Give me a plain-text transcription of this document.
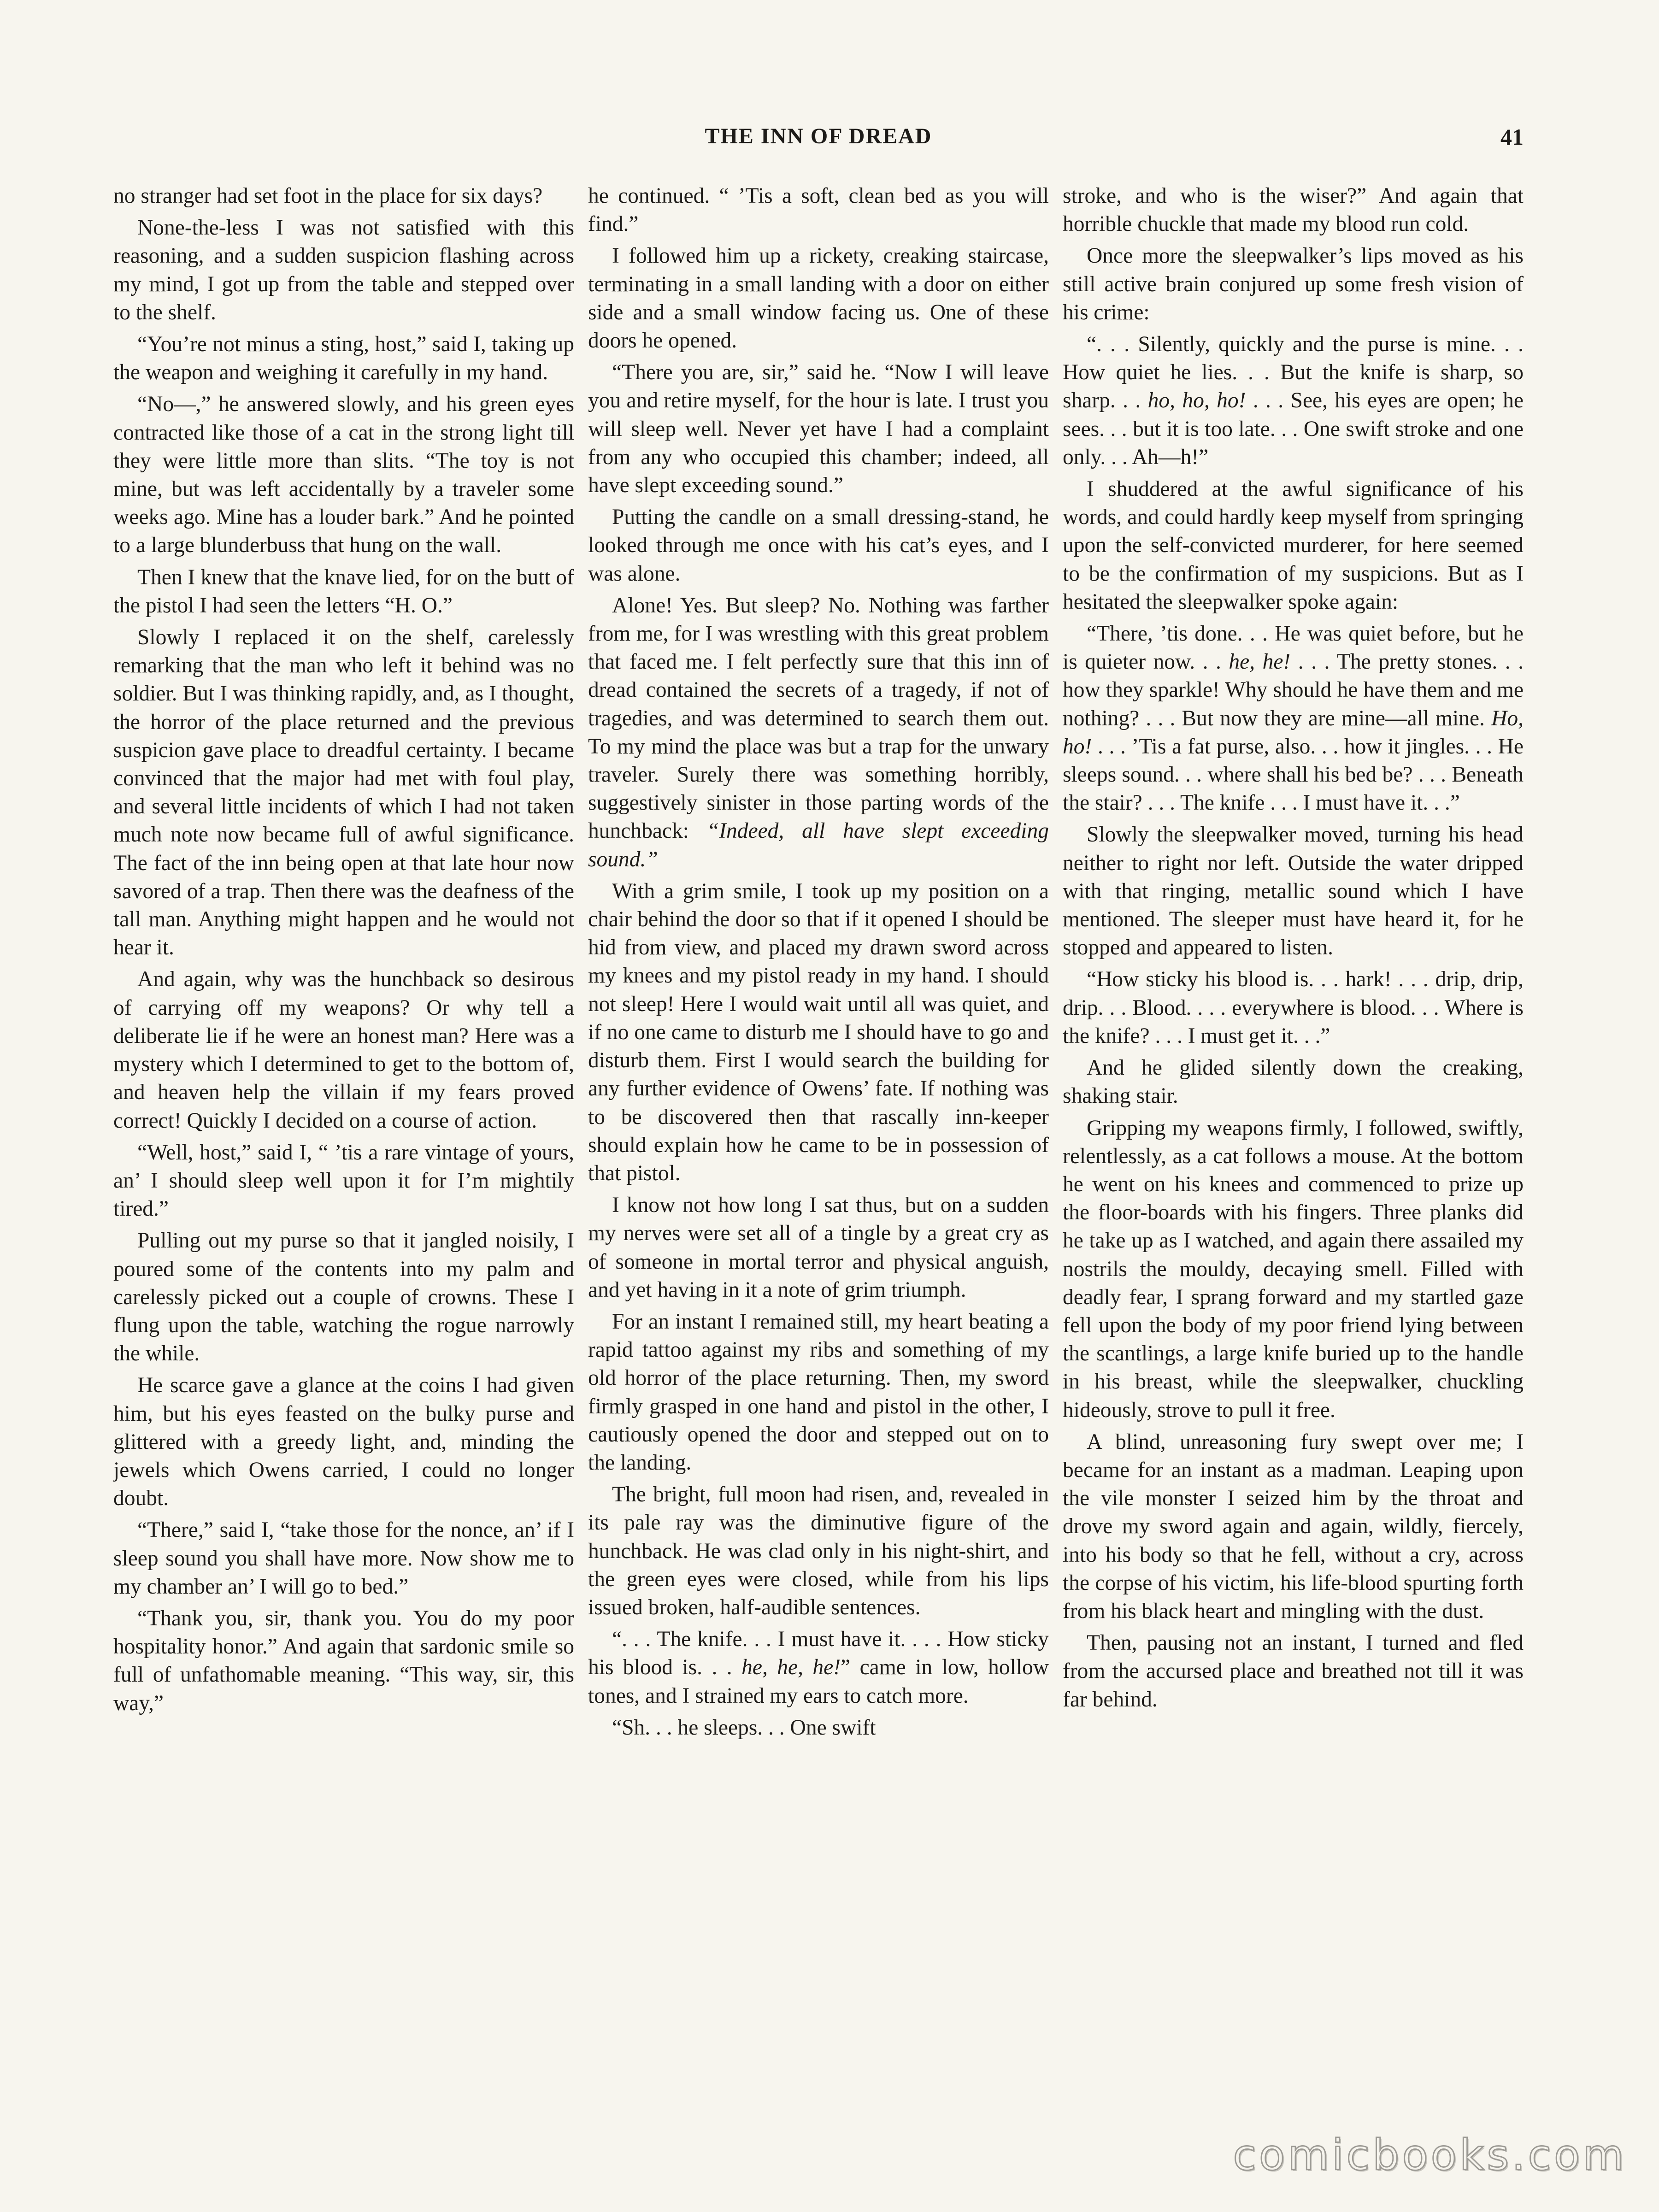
THE INN OF DREAD	41

no stranger had set foot in the place for six days?

None-the-less I was not satisfied with this reasoning, and a sudden suspicion flashing across my mind, I got up from the table and stepped over to the shelf.

“You’re not minus a sting, host,” said I, taking up the weapon and weighing it carefully in my hand.

“No—,” he answered slowly, and his green eyes contracted like those of a cat in the strong light till they were little more than slits. “The toy is not mine, but was left accidentally by a traveler some weeks ago. Mine has a louder bark.” And he pointed to a large blunderbuss that hung on the wall.

Then I knew that the knave lied, for on the butt of the pistol I had seen the letters “H. O.”

Slowly I replaced it on the shelf, carelessly remarking that the man who left it behind was no soldier. But I was thinking rapidly, and, as I thought, the horror of the place returned and the previous suspicion gave place to dreadful certainty. I became convinced that the major had met with foul play, and several little incidents of which I had not taken much note now became full of awful significance. The fact of the inn being open at that late hour now savored of a trap. Then there was the deafness of the tall man. Anything might happen and he would not hear it.

And again, why was the hunchback so desirous of carrying off my weapons? Or why tell a deliberate lie if he were an honest man? Here was a mystery which I determined to get to the bottom of, and heaven help the villain if my fears proved correct! Quickly I decided on a course of action.

“Well, host,” said I, “ ’tis a rare vintage of yours, an’ I should sleep well upon it for I’m mightily tired.”

Pulling out my purse so that it jangled noisily, I poured some of the contents into my palm and carelessly picked out a couple of crowns. These I flung upon the table, watching the rogue narrowly the while.

He scarce gave a glance at the coins I had given him, but his eyes feasted on the bulky purse and glittered with a greedy light, and, minding the jewels which Owens carried, I could no longer doubt.

“There,” said I, “take those for the nonce, an’ if I sleep sound you shall have more. Now show me to my chamber an’ I will go to bed.”

“Thank you, sir, thank you. You do my poor hospitality honor.” And again that sardonic smile so full of unfathomable meaning. “This way, sir, this way,”

he continued. “ ’Tis a soft, clean bed as you will find.”

I followed him up a rickety, creaking staircase, terminating in a small landing with a door on either side and a small window facing us. One of these doors he opened.

“There you are, sir,” said he. “Now I will leave you and retire myself, for the hour is late. I trust you will sleep well. Never yet have I had a complaint from any who occupied this chamber; indeed, all have slept exceeding sound.”

Putting the candle on a small dressing-stand, he looked through me once with his cat’s eyes, and I was alone.

Alone! Yes. But sleep? No. Nothing was farther from me, for I was wrestling with this great problem that faced me. I felt perfectly sure that this inn of dread contained the secrets of a tragedy, if not of tragedies, and was determined to search them out. To my mind the place was but a trap for the unwary traveler. Surely there was something horribly, suggestively sinister in those parting words of the hunchback: “Indeed, all have slept exceeding sound.”

With a grim smile, I took up my position on a chair behind the door so that if it opened I should be hid from view, and placed my drawn sword across my knees and my pistol ready in my hand. I should not sleep! Here I would wait until all was quiet, and if no one came to disturb me I should have to go and disturb them. First I would search the building for any further evidence of Owens’ fate. If nothing was to be discovered then that rascally inn-keeper should explain how he came to be in possession of that pistol.

I know not how long I sat thus, but on a sudden my nerves were set all of a tingle by a great cry as of someone in mortal terror and physical anguish, and yet having in it a note of grim triumph.

For an instant I remained still, my heart beating a rapid tattoo against my ribs and something of my old horror of the place returning. Then, my sword firmly grasped in one hand and pistol in the other, I cautiously opened the door and stepped out on to the landing.

The bright, full moon had risen, and, revealed in its pale ray was the diminutive figure of the hunchback. He was clad only in his night-shirt, and the green eyes were closed, while from his lips issued broken, half-audible sentences.

“. . . The knife. . . I must have it. . . . How sticky his blood is. . . he, he, he!” came in low, hollow tones, and I strained my ears to catch more.

“Sh. . . he sleeps. . . One swift

stroke, and who is the wiser?” And again that horrible chuckle that made my blood run cold.

Once more the sleepwalker’s lips moved as his still active brain conjured up some fresh vision of his crime:

“. . . Silently, quickly and the purse is mine. . . How quiet he lies. . . But the knife is sharp, so sharp. . . ho, ho, ho! . . . See, his eyes are open; he sees. . . but it is too late. . . One swift stroke and one only. . . Ah—h!”

I shuddered at the awful significance of his words, and could hardly keep myself from springing upon the self-convicted murderer, for here seemed to be the confirmation of my suspicions. But as I hesitated the sleepwalker spoke again:

“There, ’tis done. . . He was quiet before, but he is quieter now. . . he, he! . . . The pretty stones. . . how they sparkle! Why should he have them and me nothing? . . . But now they are mine—all mine. Ho, ho! . . . ’Tis a fat purse, also. . . how it jingles. . . He sleeps sound. . . where shall his bed be? . . . Beneath the stair? . . . The knife . . . I must have it. . .”

Slowly the sleepwalker moved, turning his head neither to right nor left. Outside the water dripped with that ringing, metallic sound which I have mentioned. The sleeper must have heard it, for he stopped and appeared to listen.

“How sticky his blood is. . . hark! . . . drip, drip, drip. . . Blood. . . . everywhere is blood. . . Where is the knife? . . . I must get it. . .”

And he glided silently down the creaking, shaking stair.

Gripping my weapons firmly, I followed, swiftly, relentlessly, as a cat follows a mouse. At the bottom he went on his knees and commenced to prize up the floor-boards with his fingers. Three planks did he take up as I watched, and again there assailed my nostrils the mouldy, decaying smell. Filled with deadly fear, I sprang forward and my startled gaze fell upon the body of my poor friend lying between the scantlings, a large knife buried up to the handle in his breast, while the sleepwalker, chuckling hideously, strove to pull it free.

A blind, unreasoning fury swept over me; I became for an instant as a madman. Leaping upon the vile monster I seized him by the throat and drove my sword again and again, wildly, fiercely, into his body so that he fell, without a cry, across the corpse of his victim, his life-blood spurting forth from his black heart and mingling with the dust.

Then, pausing not an instant, I turned and fled from the accursed place and breathed not till it was far behind.

comicbooks.com
